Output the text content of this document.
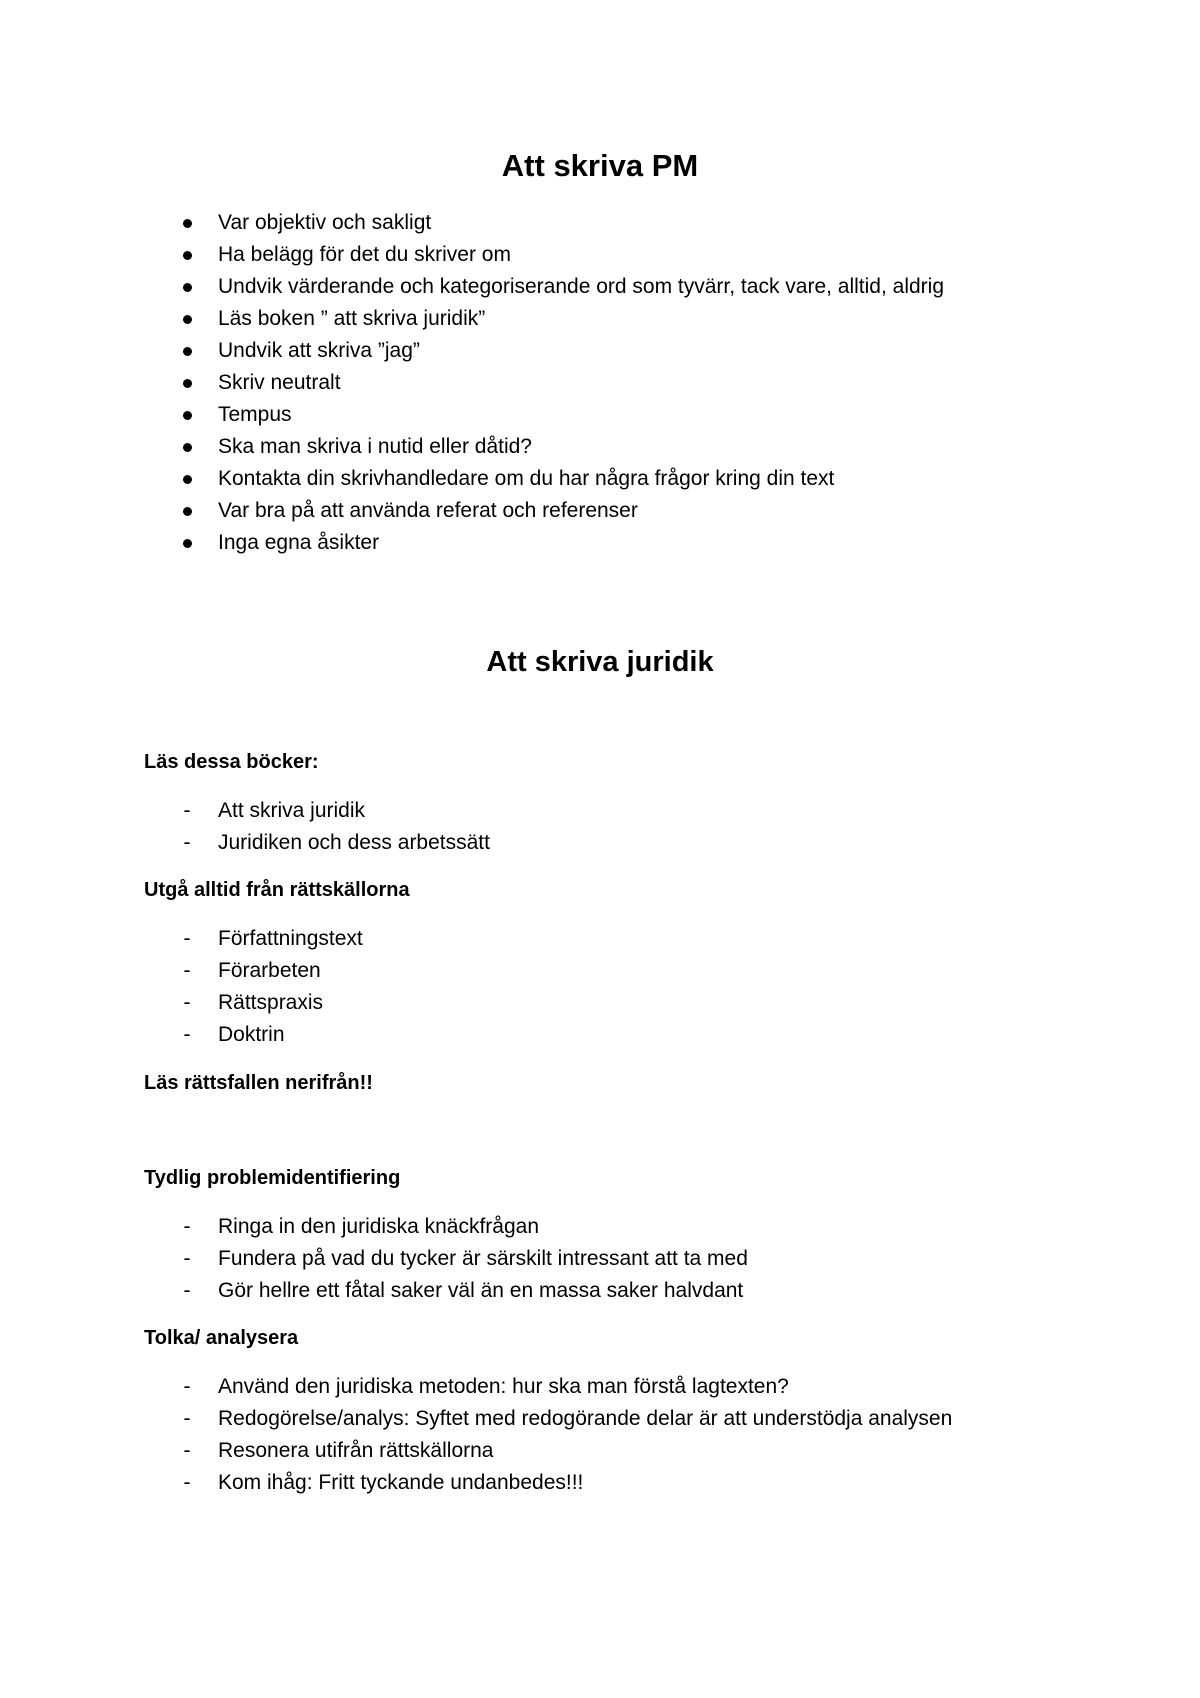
Att skriva PM
Var objektiv och sakligt
Ha belägg för det du skriver om
Undvik värderande och kategoriserande ord som tyvärr, tack vare, alltid, aldrig
Läs boken ” att skriva juridik”
Undvik att skriva ”jag”
Skriv neutralt
Tempus
Ska man skriva i nutid eller dåtid?
Kontakta din skrivhandledare om du har några frågor kring din text
Var bra på att använda referat och referenser
Inga egna åsikter
Att skriva juridik

Läs dessa böcker:

- Att skriva juridik
- Juridiken och dess arbetssätt

Utgå alltid från rättskällorna

- Författningstext
- Förarbeten
- Rättspraxis
- Doktrin

Läs rättsfallen nerifrån!!

Tydlig problemidentifiering

- Ringa in den juridiska knäckfrågan
- Fundera på vad du tycker är särskilt intressant att ta med
- Gör hellre ett fåtal saker väl än en massa saker halvdant

Tolka/ analysera

- Använd den juridiska metoden: hur ska man förstå lagtexten?
- Redogörelse/analys: Syftet med redogörande delar är att understödja analysen
- Resonera utifrån rättskällorna
- Kom ihåg: Fritt tyckande undanbedes!!!
